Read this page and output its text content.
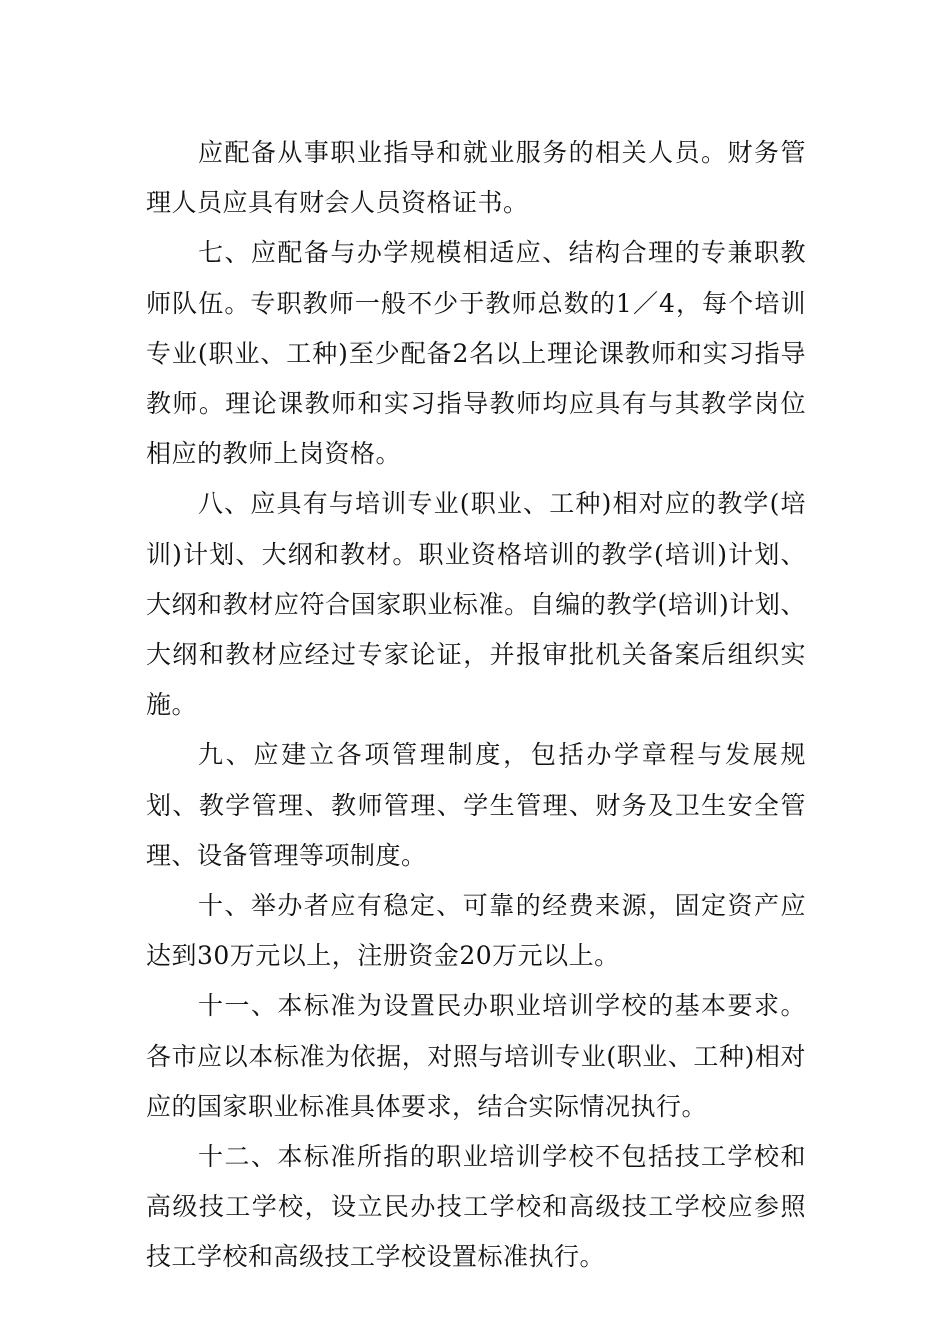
应配备从事职业指导和就业服务的相关人员。财务管理人员应具有财会人员资格证书。

七、应配备与办学规模相适应、结构合理的专兼职教师队伍。专职教师一般不少于教师总数的1／4，每个培训专业(职业、工种)至少配备2名以上理论课教师和实习指导教师。理论课教师和实习指导教师均应具有与其教学岗位相应的教师上岗资格。

八、应具有与培训专业(职业、工种)相对应的教学(培训)计划、大纲和教材。职业资格培训的教学(培训)计划、大纲和教材应符合国家职业标准。自编的教学(培训)计划、大纲和教材应经过专家论证，并报审批机关备案后组织实施。

九、应建立各项管理制度，包括办学章程与发展规划、教学管理、教师管理、学生管理、财务及卫生安全管理、设备管理等项制度。

十、举办者应有稳定、可靠的经费来源，固定资产应达到30万元以上，注册资金20万元以上。

十一、本标准为设置民办职业培训学校的基本要求。各市应以本标准为依据，对照与培训专业(职业、工种)相对应的国家职业标准具体要求，结合实际情况执行。

十二、本标准所指的职业培训学校不包括技工学校和高级技工学校，设立民办技工学校和高级技工学校应参照技工学校和高级技工学校设置标准执行。
